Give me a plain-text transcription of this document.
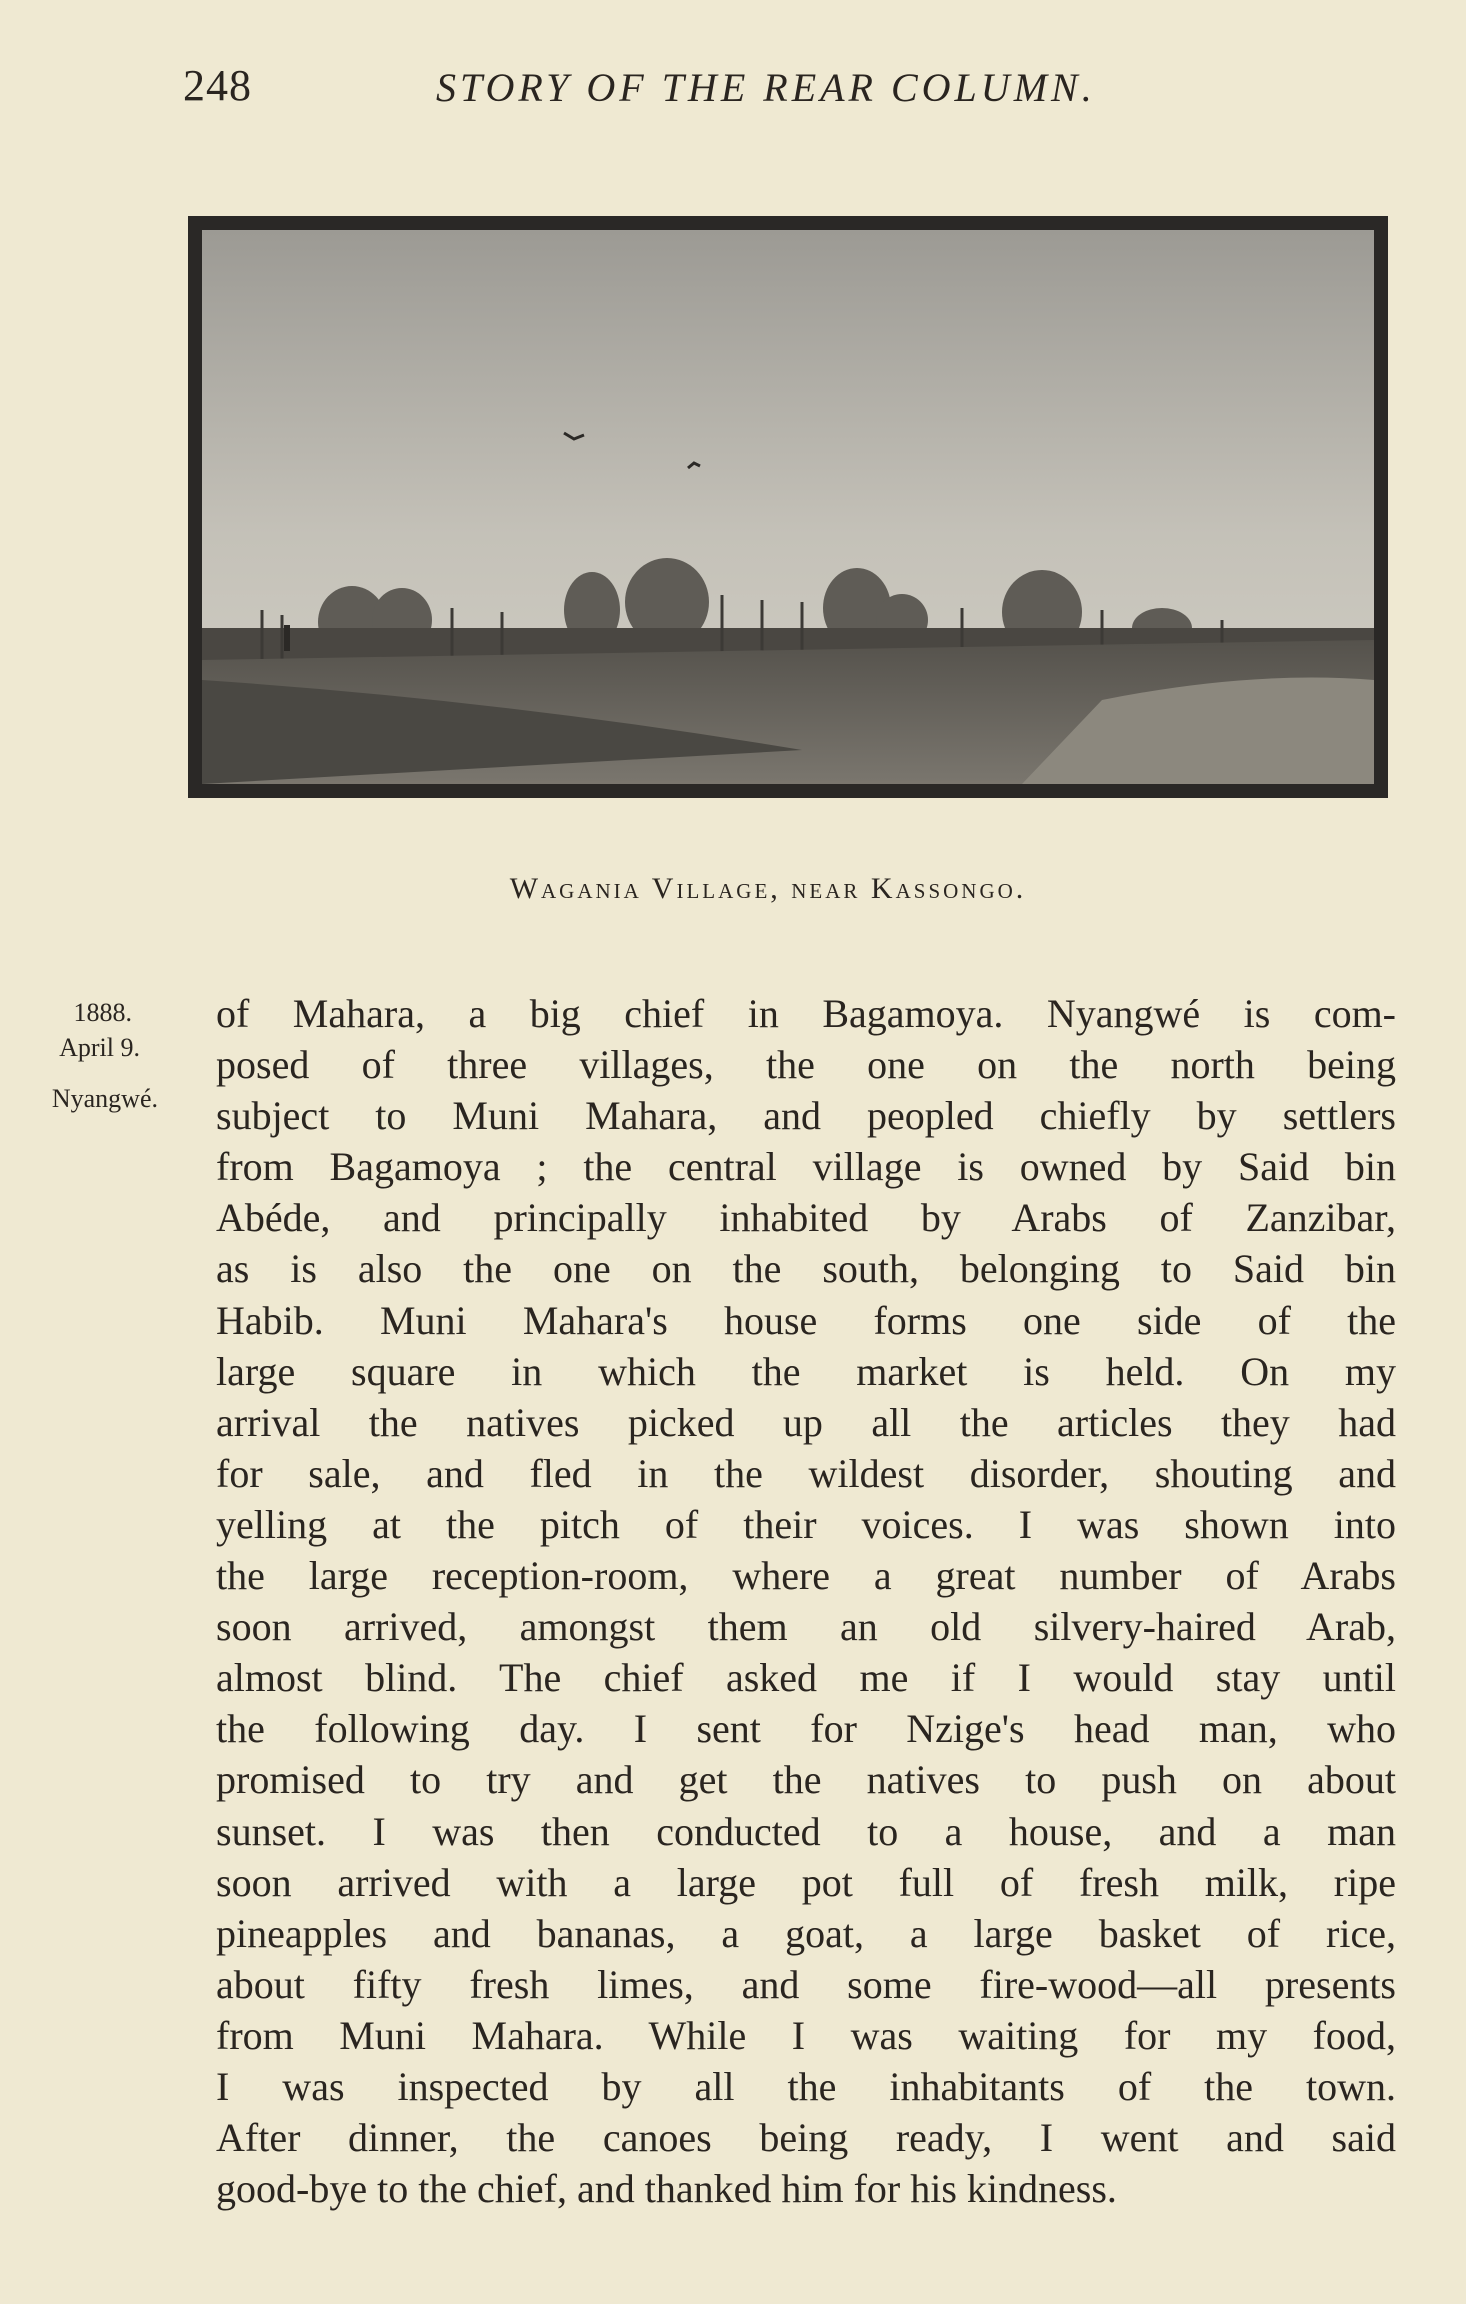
248	STORY OF THE REAR COLUMN.
Wagania Village, near Kassongo.
1888.
April 9.
Nyangwé.
of Mahara, a big chief in Bagamoya. Nyangwé is com-
posed of three villages, the one on the north being
subject to Muni Mahara, and peopled chiefly by settlers
from Bagamoya ; the central village is owned by Said bin
Abéde, and principally inhabited by Arabs of Zanzibar,
as is also the one on the south, belonging to Said bin
Habib. Muni Mahara's house forms one side of the
large square in which the market is held. On my
arrival the natives picked up all the articles they had
for sale, and fled in the wildest disorder, shouting and
yelling at the pitch of their voices. I was shown into
the large reception-room, where a great number of Arabs
soon arrived, amongst them an old silvery-haired Arab,
almost blind. The chief asked me if I would stay until
the following day. I sent for Nzige's head man, who
promised to try and get the natives to push on about
sunset. I was then conducted to a house, and a man
soon arrived with a large pot full of fresh milk, ripe
pineapples and bananas, a goat, a large basket of rice,
about fifty fresh limes, and some fire-wood—all presents
from Muni Mahara. While I was waiting for my food,
I was inspected by all the inhabitants of the town.
After dinner, the canoes being ready, I went and said
good-bye to the chief, and thanked him for his kindness.
